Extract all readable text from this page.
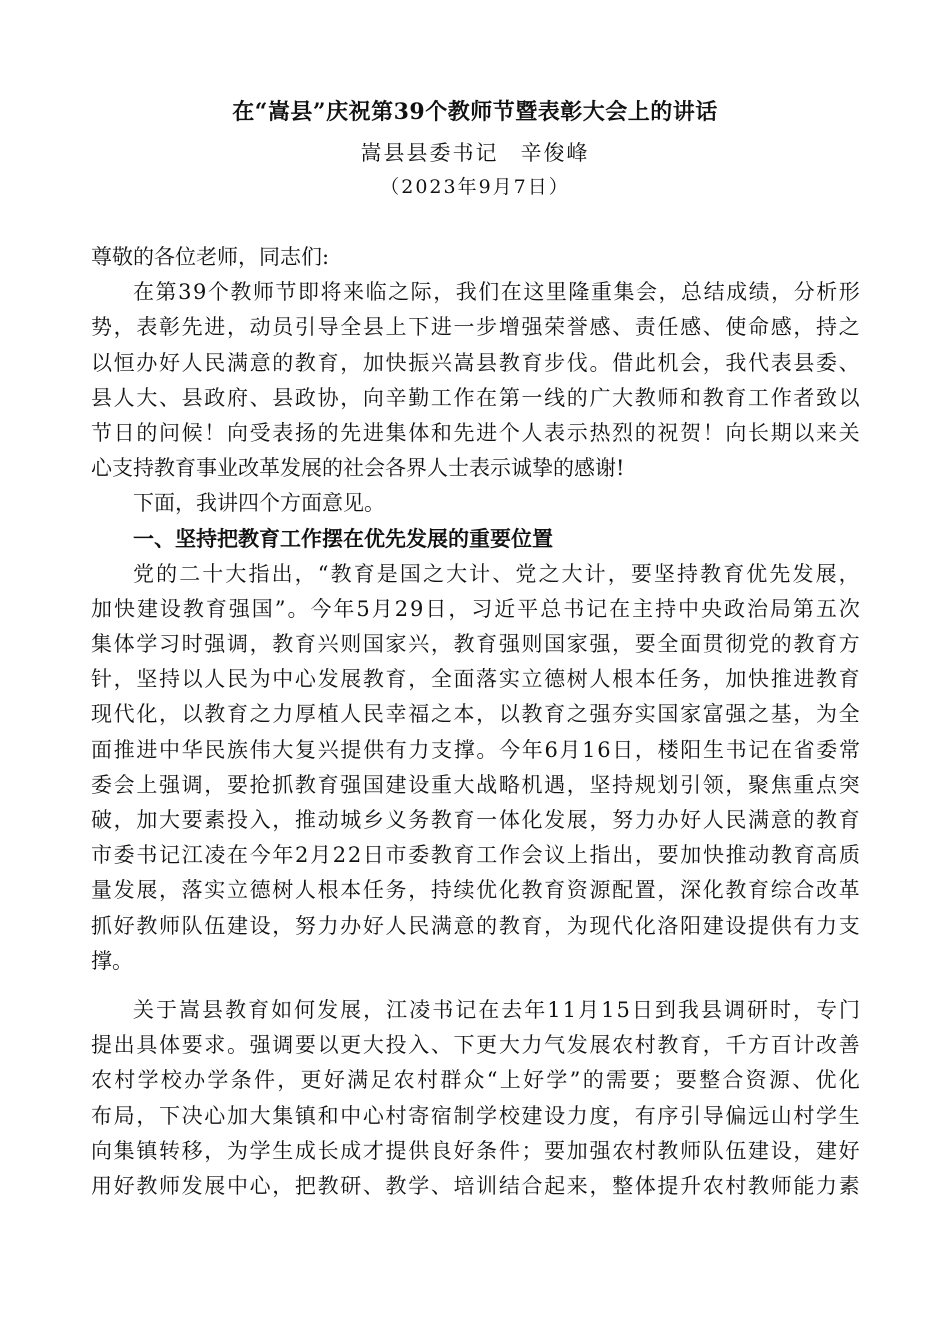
在“嵩县”庆祝第39个教师节暨表彰大会上的讲话
嵩县县委书记 辛俊峰
（2023年9月7日）
尊敬的各位老师，同志们:
在 第 3 9 个 教 师 节 即 将 来 临 之 际 ， 我 们 在 这 里 隆 重 集 会 ， 总 结 成 绩 ， 分 析 形
势 ， 表 彰 先 进 ， 动 员 引 导 全 县 上 下 进 一 步 增 强 荣 誉 感 、 责 任 感 、 使 命 感 ， 持 之
以 恒 办 好 人 民 满 意 的 教 育 ， 加 快 振 兴 嵩 县 教 育 步 伐 。 借 此 机 会 ， 我 代 表 县 委 、
县 人 大 、 县 政 府 、 县 政 协 ， 向 辛 勤 工 作 在 第 一 线 的 广 大 教 师 和 教 育 工 作 者 致 以
节 日 的 问 候 ！ 向 受 表 扬 的 先 进 集 体 和 先 进 个 人 表 示 热 烈 的 祝 贺 ！ 向 长 期 以 来 关
心支持教育事业改革发展的社会各界人士表示诚挚的感谢!
下面，我讲四个方面意见。
一、坚持把教育工作摆在优先发展的重要位置
党 的 二 十 大 指 出 ， “ 教 育 是 国 之 大 计 、 党 之 大 计 ， 要 坚 持 教 育 优 先 发 展 ，
加 快 建 设 教 育 强 国 ” 。 今 年 5 月 2 9 日 ， 习 近 平 总 书 记 在 主 持 中 央 政 治 局 第 五 次
集 体 学 习 时 强 调 ， 教 育 兴 则 国 家 兴 ， 教 育 强 则 国 家 强 ， 要 全 面 贯 彻 党 的 教 育 方
针 ， 坚 持 以 人 民 为 中 心 发 展 教 育 ， 全 面 落 实 立 德 树 人 根 本 任 务 ， 加 快 推 进 教 育
现 代 化 ， 以 教 育 之 力 厚 植 人 民 幸 福 之 本 ， 以 教 育 之 强 夯 实 国 家 富 强 之 基 ， 为 全
面 推 进 中 华 民 族 伟 大 复 兴 提 供 有 力 支 撑 。 今 年 6 月 1 6 日 ， 楼 阳 生 书 记 在 省 委 常
委 会 上 强 调 ， 要 抢 抓 教 育 强 国 建 设 重 大 战 略 机 遇 ， 坚 持 规 划 引 领 ， 聚 焦 重 点 突
破 ， 加 大 要 素 投 入 ， 推 动 城 乡 义 务 教 育 一 体 化 发 展 ， 努 力 办 好 人 民 满 意 的 教 育
市 委 书 记 江 凌 在 今 年 2 月 2 2 日 市 委 教 育 工 作 会 议 上 指 出 ， 要 加 快 推 动 教 育 高 质
量 发 展 ， 落 实 立 德 树 人 根 本 任 务 ， 持 续 优 化 教 育 资 源 配 置 ， 深 化 教 育 综 合 改 革
抓 好 教 师 队 伍 建 设 ， 努 力 办 好 人 民 满 意 的 教 育 ， 为 现 代 化 洛 阳 建 设 提 供 有 力 支
撑。
关 于 嵩 县 教 育 如 何 发 展 ， 江 凌 书 记 在 去 年 1 1 月 1 5 日 到 我 县 调 研 时 ， 专 门
提 出 具 体 要 求 。 强 调 要 以 更 大 投 入 、 下 更 大 力 气 发 展 农 村 教 育 ， 千 方 百 计 改 善
农 村 学 校 办 学 条 件 ， 更 好 满 足 农 村 群 众 “ 上 好 学 ” 的 需 要 ； 要 整 合 资 源 、 优 化
布 局 ， 下 决 心 加 大 集 镇 和 中 心 村 寄 宿 制 学 校 建 设 力 度 ， 有 序 引 导 偏 远 山 村 学 生
向 集 镇 转 移 ， 为 学 生 成 长 成 才 提 供 良 好 条 件 ； 要 加 强 农 村 教 师 队 伍 建 设 ， 建 好
用 好 教 师 发 展 中 心 ， 把 教 研 、 教 学 、 培 训 结 合 起 来 ， 整 体 提 升 农 村 教 师 能 力 素
